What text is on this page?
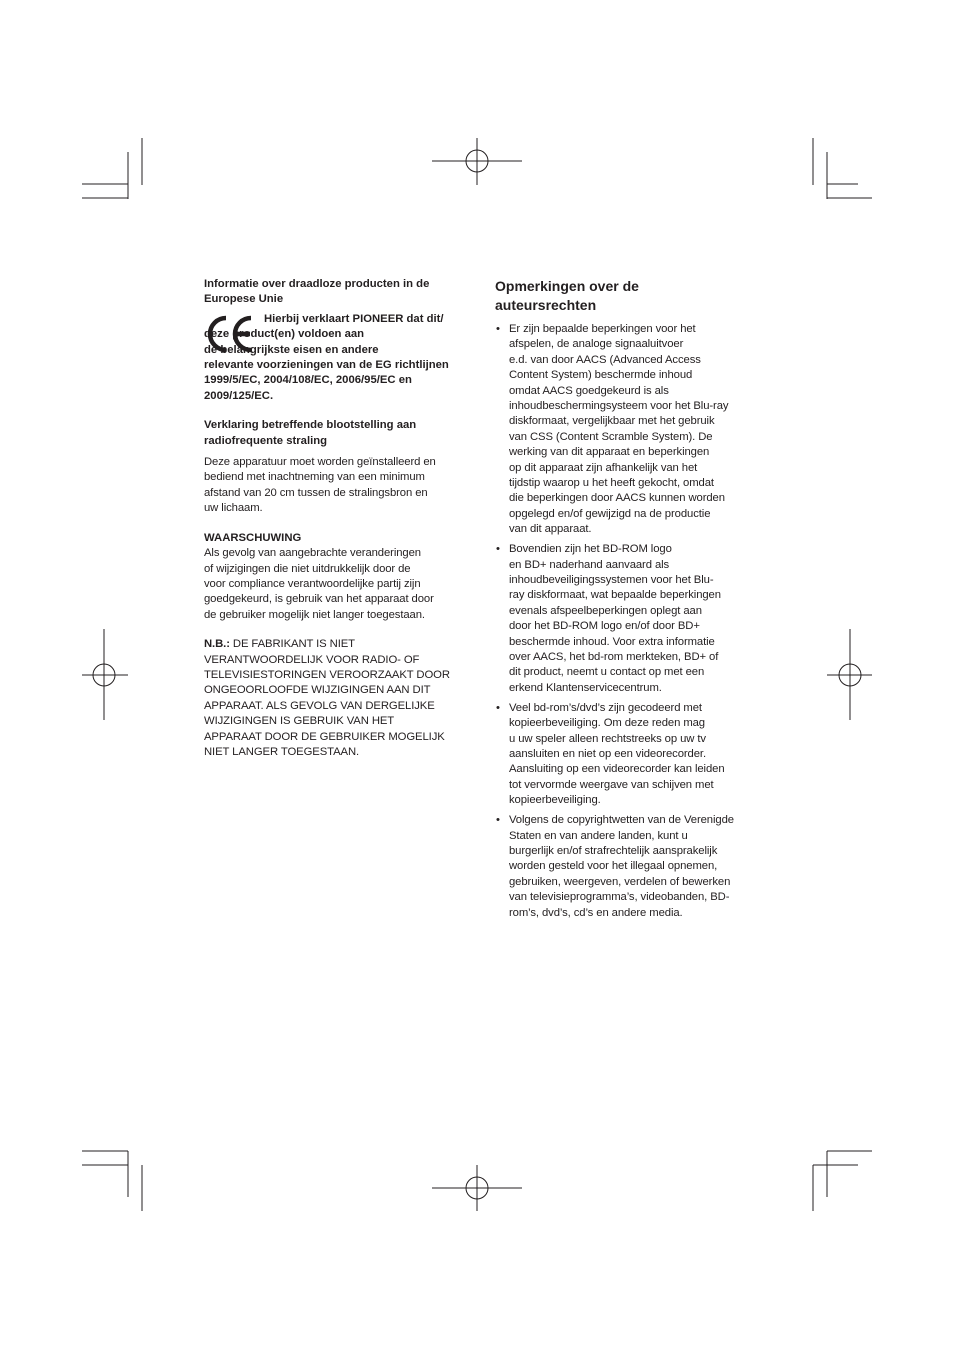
Informatie over draadloze producten in de
Europese Unie

Hierbij verklaart PIONEER dat dit/
deze product(en) voldoen aan
de belangrijkste eisen en andere
relevante voorzieningen van de EG richtlijnen
1999/5/EC, 2004/108/EC, 2006/95/EC en
2009/125/EC.

Verklaring betreffende blootstelling aan
radiofrequente straling

Deze apparatuur moet worden geïnstalleerd en
bediend met inachtneming van een minimum
afstand van 20 cm tussen de stralingsbron en
uw lichaam.

WAARSCHUWING

Als gevolg van aangebrachte veranderingen
of wijzigingen die niet uitdrukkelijk door de
voor compliance verantwoordelijke partij zijn
goedgekeurd, is gebruik van het apparaat door
de gebruiker mogelijk niet langer toegestaan.

N.B.: DE FABRIKANT IS NIET
VERANTWOORDELIJK VOOR RADIO- OF
TELEVISIESTORINGEN VEROORZAAKT DOOR
ONGEOORLOOFDE WIJZIGINGEN AAN DIT
APPARAAT. ALS GEVOLG VAN DERGELIJKE
WIJZIGINGEN IS GEBRUIK VAN HET
APPARAAT DOOR DE GEBRUIKER MOGELIJK
NIET LANGER TOEGESTAAN.

Opmerkingen over de
auteursrechten
• Er zijn bepaalde beperkingen voor het
afspelen, de analoge signaaluitvoer
e.d. van door AACS (Advanced Access
Content System) beschermde inhoud
omdat AACS goedgekeurd is als
inhoudbeschermingsysteem voor het Blu-ray
diskformaat, vergelijkbaar met het gebruik
van CSS (Content Scramble System). De
werking van dit apparaat en beperkingen
op dit apparaat zijn afhankelijk van het
tijdstip waarop u het heeft gekocht, omdat
die beperkingen door AACS kunnen worden
opgelegd en/of gewijzigd na de productie
van dit apparaat.

• Bovendien zijn het BD-ROM logo
en BD+ naderhand aanvaard als
inhoudbeveiligingssystemen voor het Blu-
ray diskformaat, wat bepaalde beperkingen
evenals afspeelbeperkingen oplegt aan
door het BD-ROM logo en/of door BD+
beschermde inhoud. Voor extra informatie
over AACS, het bd-rom merkteken, BD+ of
dit product, neemt u contact op met een
erkend Klantenservicecentrum.

• Veel bd-rom’s/dvd’s zijn gecodeerd met
kopieerbeveiliging. Om deze reden mag
u uw speler alleen rechtstreeks op uw tv
aansluiten en niet op een videorecorder.
Aansluiting op een videorecorder kan leiden
tot vervormde weergave van schijven met
kopieerbeveiliging.

• Volgens de copyrightwetten van de Verenigde
Staten en van andere landen, kunt u
burgerlijk en/of strafrechtelijk aansprakelijk
worden gesteld voor het illegaal opnemen,
gebruiken, weergeven, verdelen of bewerken
van televisieprogramma’s, videobanden, BD-
rom’s, dvd’s, cd’s en andere media.
